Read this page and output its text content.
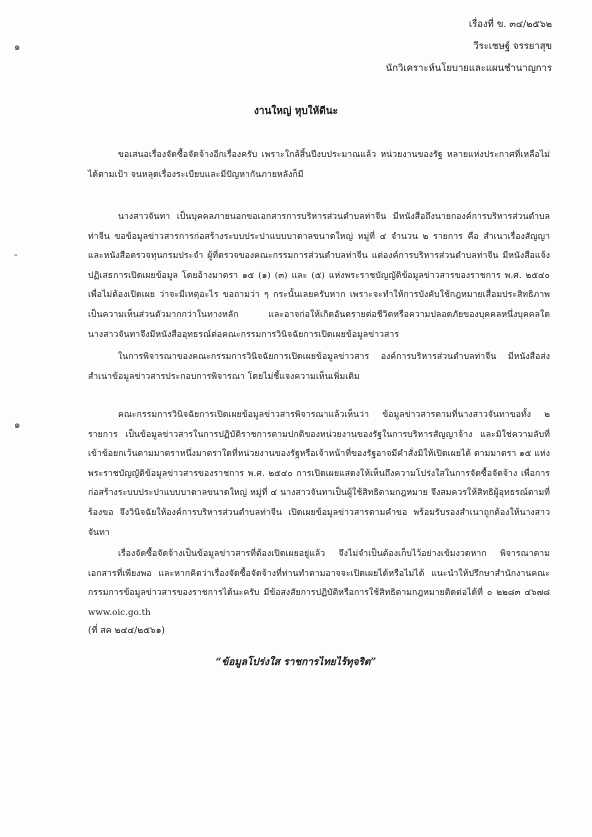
๑
-
๑
เรื่องที่ ข. ๓๔/๒๕๖๒
วีระเชษฐ์ จรรยาสุข
นักวิเคราะห์นโยบายและแผนชำนาญการ
งานใหญ่ หุบให้ดีนะ

ขอเสนอเรื่องจัดซื้อจัดจ้างอีกเรื่องครับ เพราะใกล้สิ้นปีงบประมาณแล้ว หน่วยงานของรัฐ หลายแห่งประกาศที่เหลือไม่ได้ตามเป้า จนหลุดเรื่องระเบียบและมีปัญหากันภายหลังก็มี

นางสาวจันทา เป็นบุคคลภายนอกขอเอกสารการบริหารส่วนตำบลท่าจีน มีหนังสือถึงนายกองค์การบริหารส่วนตำบลท่าจีน ขอข้อมูลข่าวสารการก่อสร้างระบบประปาแบบบาดาลขนาดใหญ่ หมู่ที่ ๔ จำนวน ๒ รายการ คือ สำเนาเรื่องสัญญา และหนังสือตรวจทุนกรมประจำ ผู้ที่ตรวจของคณะกรรมการส่วนตำบลท่าจีน แต่องค์การบริหารส่วนตำบลท่าจีน มีหนังสือแจ้งปฏิเสธการเปิดเผยข้อมูล โดยอ้างมาตรา ๑๕ (๑) (๓) และ (๕) แห่งพระราชบัญญัติข้อมูลข่าวสารของราชการ พ.ศ. ๒๕๔๐ เพื่อไม่ต้องเปิดเผย ว่าจะมีเหตุอะไร ขอถามว่า ๆ กระนั้นเลยครับหาก เพราะจะทำให้การบังคับใช้กฎหมายเสื่อมประสิทธิภาพ เป็นความเห็นส่วนตัวมากกว่าในทางหลัก และอาจก่อให้เกิดอันตรายต่อชีวิตหรือความปลอดภัยของบุคคลหนึ่งบุคคลใด นางสาวจันทาจึงมีหนังสืออุทธรณ์ต่อคณะกรรมการวินิจฉัยการเปิดเผยข้อมูลข่าวสาร

ในการพิจารณาของคณะกรรมการวินิจฉัยการเปิดเผยข้อมูลข่าวสาร องค์การบริหารส่วนตำบลท่าจีน มีหนังสือส่งสำเนาข้อมูลข่าวสารประกอบการพิจารณา โดยไม่ชี้แจงความเห็นเพิ่มเติม

คณะกรรมการวินิจฉัยการเปิดเผยข้อมูลข่าวสารพิจารณาแล้วเห็นว่า ข้อมูลข่าวสารตามที่นางสาวจันทาขอทั้ง ๒ รายการ เป็นข้อมูลข่าวสารในการปฏิบัติราชการตามปกติของหน่วยงานของรัฐในการบริหารสัญญาจ้าง และมิใช่ความลับที่เข้าข้อยกเว้นตามมาตราหนึ่งมาตราใดที่หน่วยงานของรัฐหรือเจ้าหน้าที่ของรัฐอาจมีคำสั่งมิให้เปิดเผยได้ ตามมาตรา ๑๕ แห่งพระราชบัญญัติข้อมูลข่าวสารของราชการ พ.ศ. ๒๕๔๐ การเปิดเผยแสดงให้เห็นถึงความโปร่งใสในการจัดซื้อจัดจ้าง เพื่อการก่อสร้างระบบประปาแบบบาดาลขนาดใหญ่ หมู่ที่ ๔ นางสาวจันทาเป็นผู้ใช้สิทธิตามกฎหมาย จึงสมควรให้สิทธิผู้อุทธรณ์ตามที่ร้องขอ จึงวินิจฉัยให้องค์การบริหารส่วนตำบลท่าจีน เปิดเผยข้อมูลข่าวสารตามคำขอ พร้อมรับรองสำเนาถูกต้องให้นางสาวจันทา

เรื่องจัดซื้อจัดจ้างเป็นข้อมูลข่าวสารที่ต้องเปิดเผยอยู่แล้ว จึงไม่จำเป็นต้องเก็บไว้อย่างเข้มงวดหาก พิจารณาตามเอกสารที่เพียงพอ และหากคิดว่าเรื่องจัดซื้อจัดจ้างที่ท่านทำตามอาจจะเปิดเผยได้หรือไม่ได้ แนะนำให้ปรึกษาสำนักงานคณะกรรมการข้อมูลข่าวสารของราชการได้นะครับ มีข้อสงสัยการปฏิบัติหรือการใช้สิทธิตามกฎหมายติดต่อได้ที่ ๐ ๒๒๘๓ ๔๖๗๘ www.oic.go.th

(ที่ สค ๒๔๔/๒๕๖๑)
“ข้อมูลโปร่งใส ราชการไทยไร้ทุจริต”
